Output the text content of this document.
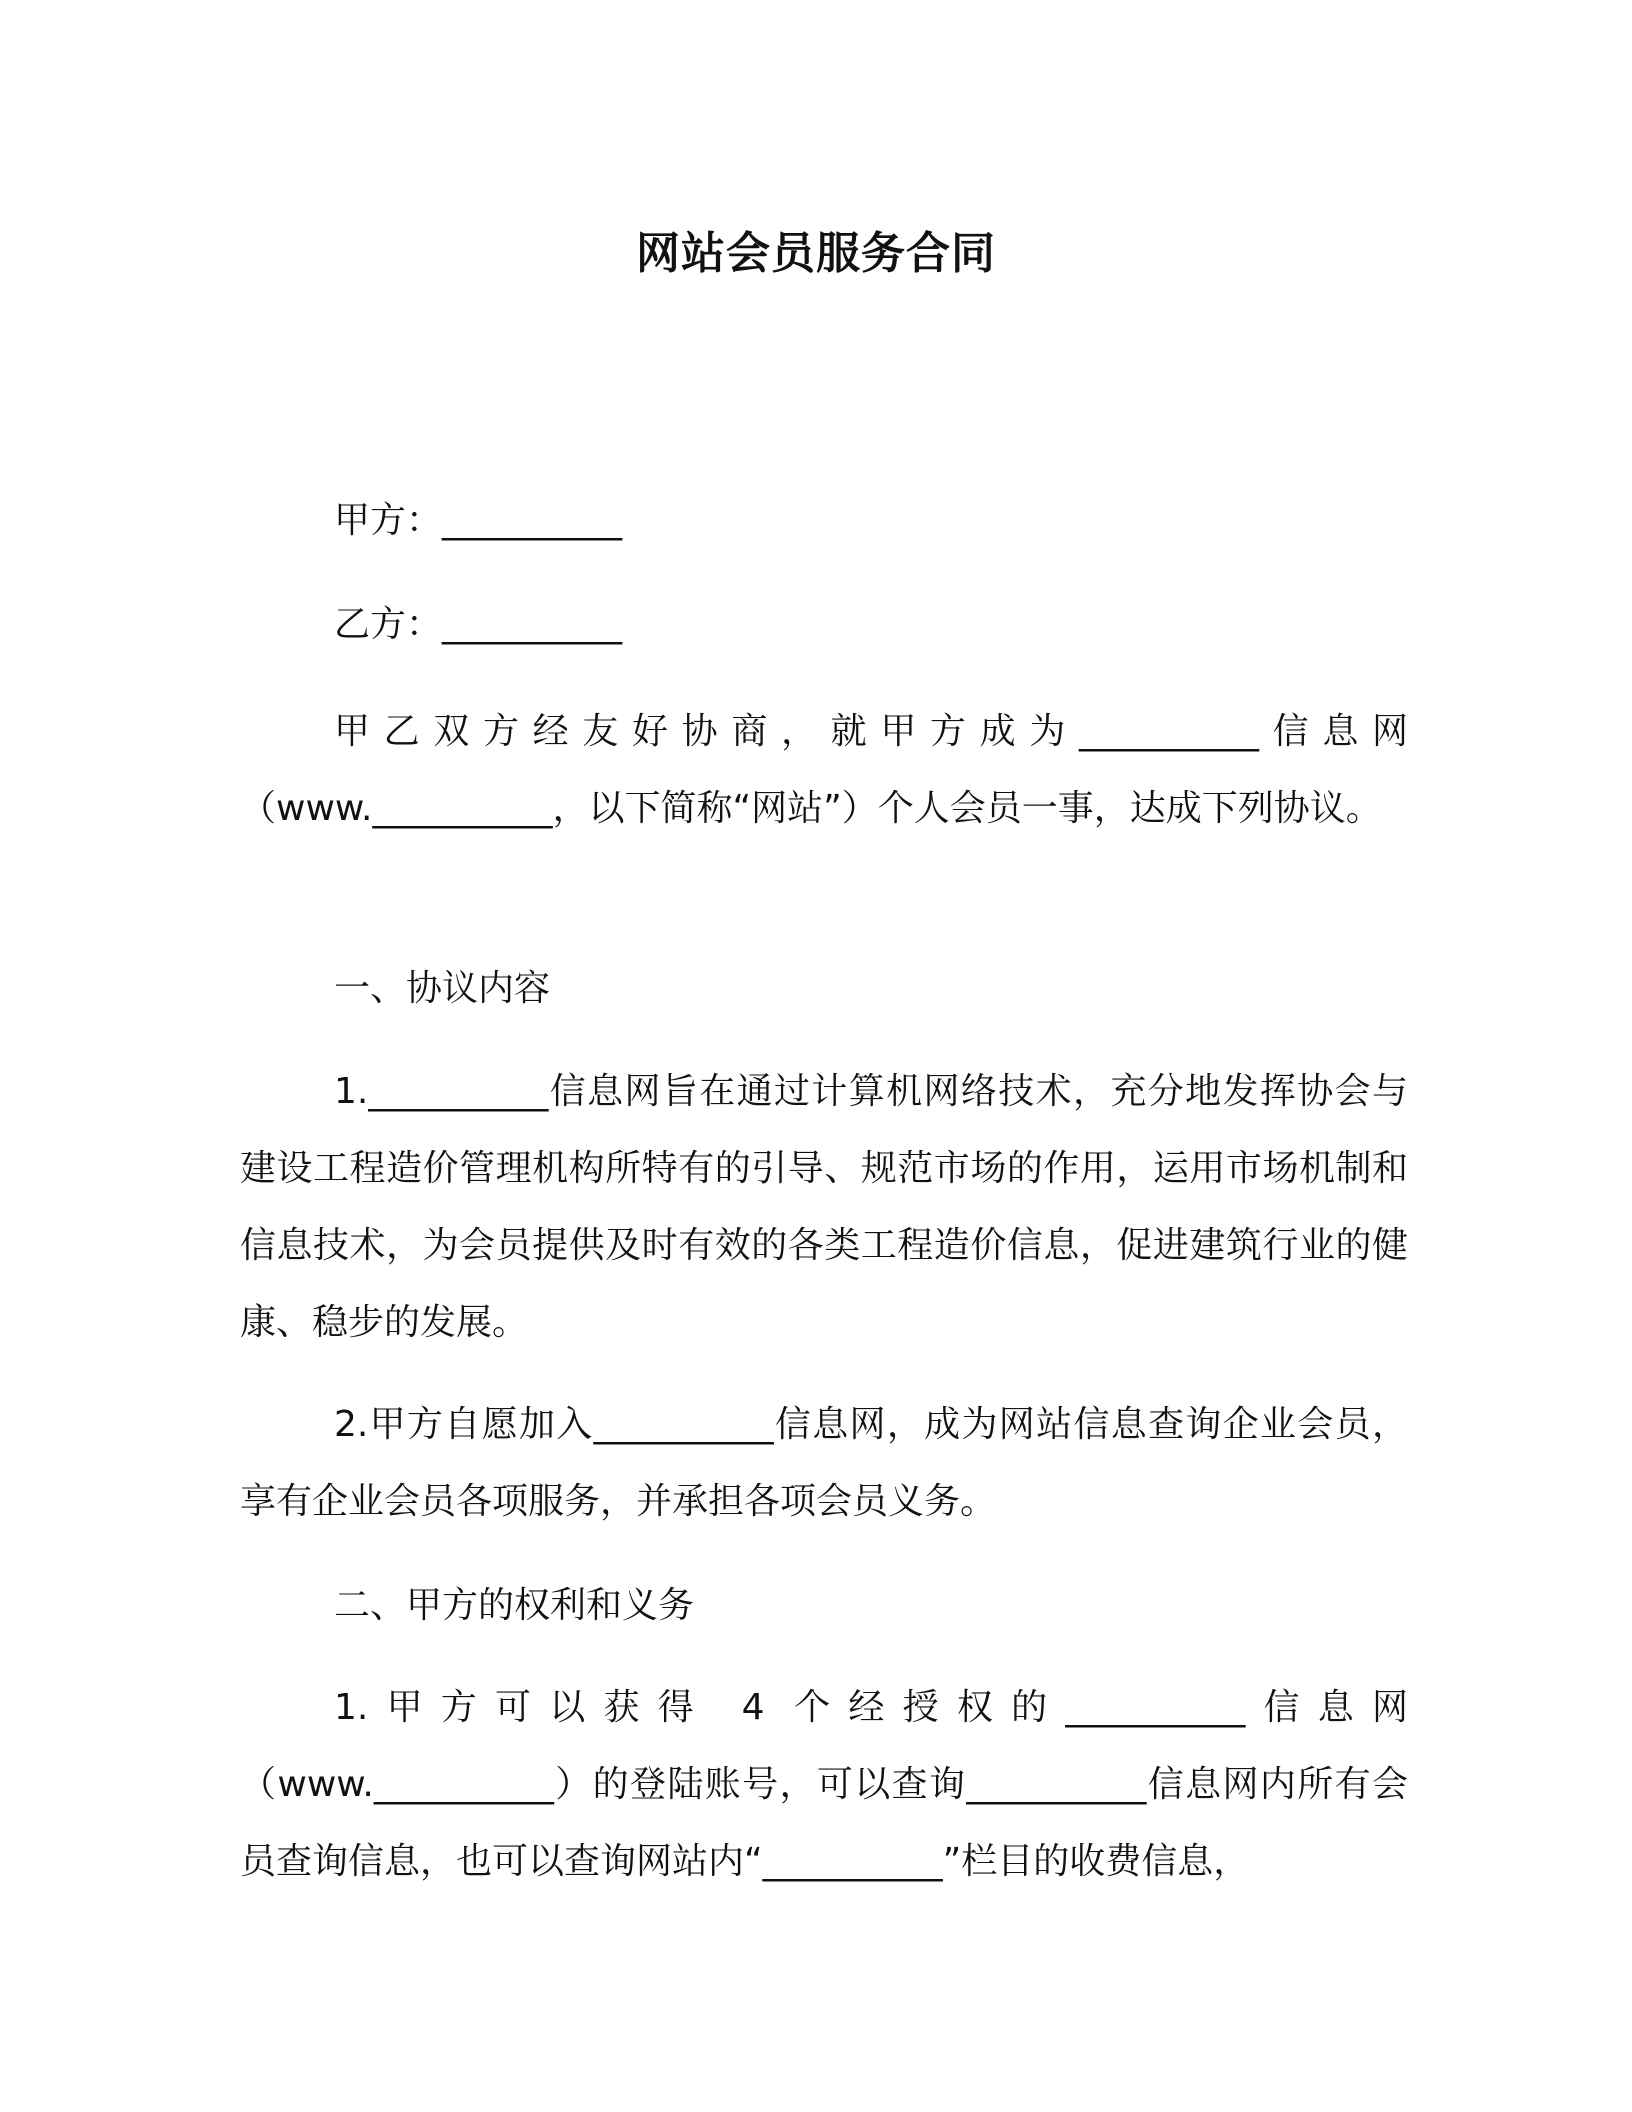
网站会员服务合同
甲方：__________
乙方：__________

甲乙双方经友好协商，就甲方成为__________信息网（www.__________，以下简称“网站”）个人会员一事，达成下列协议。

一、协议内容

1.__________信息网旨在通过计算机网络技术，充分地发挥协会与建设工程造价管理机构所特有的引导、规范市场的作用，运用市场机制和信息技术，为会员提供及时有效的各类工程造价信息，促进建筑行业的健康、稳步的发展。

2.甲方自愿加入__________信息网，成为网站信息查询企业会员，享有企业会员各项服务，并承担各项会员义务。

二、甲方的权利和义务

1.甲方可以获得 4 个经授权的__________信息网（www.__________）的登陆账号，可以查询__________信息网内所有会员查询信息，也可以查询网站内“__________”栏目的收费信息，
